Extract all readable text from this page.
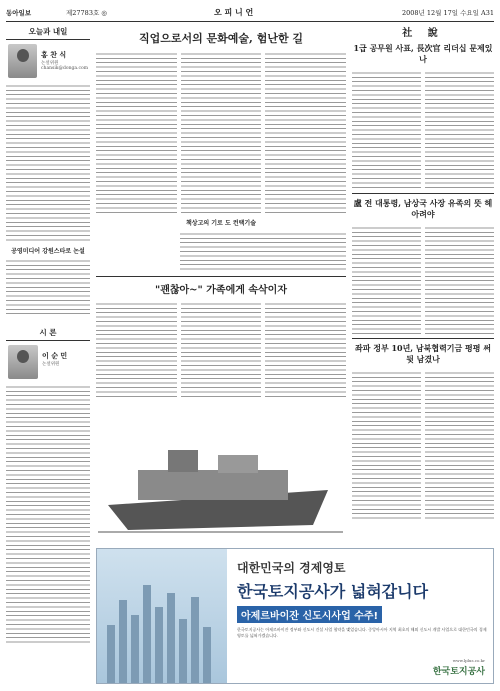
동아일보	제27783호 ◎	오 피 니 언	2008년 12월 17일 수요일 A31
오늘과 내일
홍 찬 식
논설위원
chansik@donga.com
공영미디어 강원스타로 논설
시 론
이 순 민
논설위원
직업으로서의 문화예술, 험난한 길
책상고의 기로 도 컨택기술
"괜찮아~" 가족에게 속삭이자
社 說
1급 공무원 사표, 長次官 리더십 문제있나
盧 전 대통령, 남상국 사장 유족의 뜻 헤아려야
좌파 정부 10년, 남북협력기금 평평 써 뒷 남겼나
대한민국의 경제영토
한국토지공사가 넓혀갑니다
아제르바이잔 신도시사업 수주!
한국토지공사는 아제르바이잔 정부와 신도시 건설 사업 협약을 맺었습니다. 중앙아시아 지역 최초의 해외 신도시 개발 사업으로 대한민국의 경제영토를 넓혀가겠습니다.
www.lplus.co.kr
한국토지공사
